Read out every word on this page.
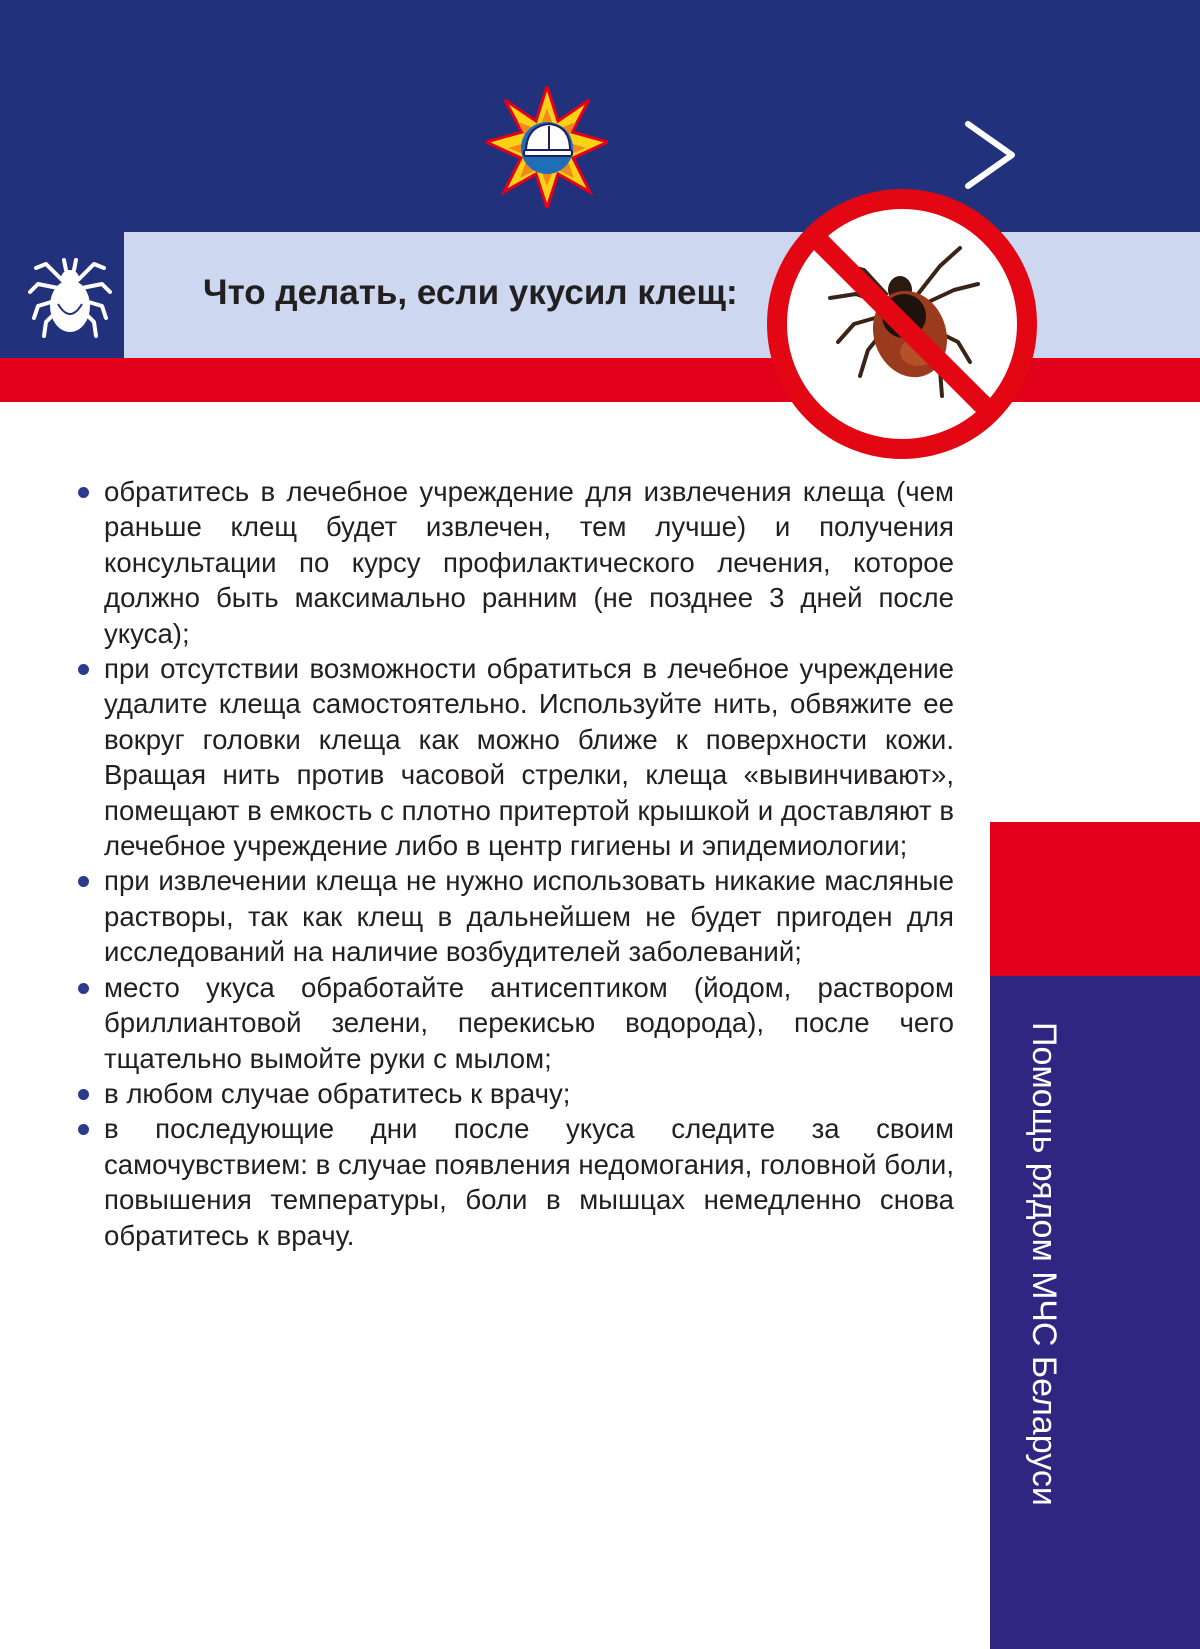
Что делать, если укусил клещ:
обратитесь в лечебное учреждение для извлечения клеща (чем раньше клещ будет извлечен, тем лучше) и получения консультации по курсу профилактического лечения, которое должно быть максимально ранним (не позднее 3 дней после укуса);
при отсутствии возможности обратиться в лечебное учреждение удалите клеща самостоятельно. Используйте нить, обвяжите ее вокруг головки клеща как можно ближе к поверхности кожи. Вращая нить против часовой стрелки, клеща «вывинчивают», помещают в емкость с плотно притертой крышкой и доставляют в лечебное учреждение либо в центр гигиены и эпидемиологии;
при извлечении клеща не нужно использовать никакие масляные растворы, так как клещ в дальнейшем не будет пригоден для исследований на наличие возбудителей заболеваний;
место укуса обработайте антисептиком (йодом, раствором бриллиантовой зелени, перекисью водорода), после чего тщательно вымойте руки с мылом;
в любом случае обратитесь к врачу;
в последующие дни после укуса следите за своим самочувствием: в случае появления недомогания, головной боли, повышения температуры, боли в мышцах немедленно снова обратитесь к врачу.	Помощь рядом МЧС Беларуси
